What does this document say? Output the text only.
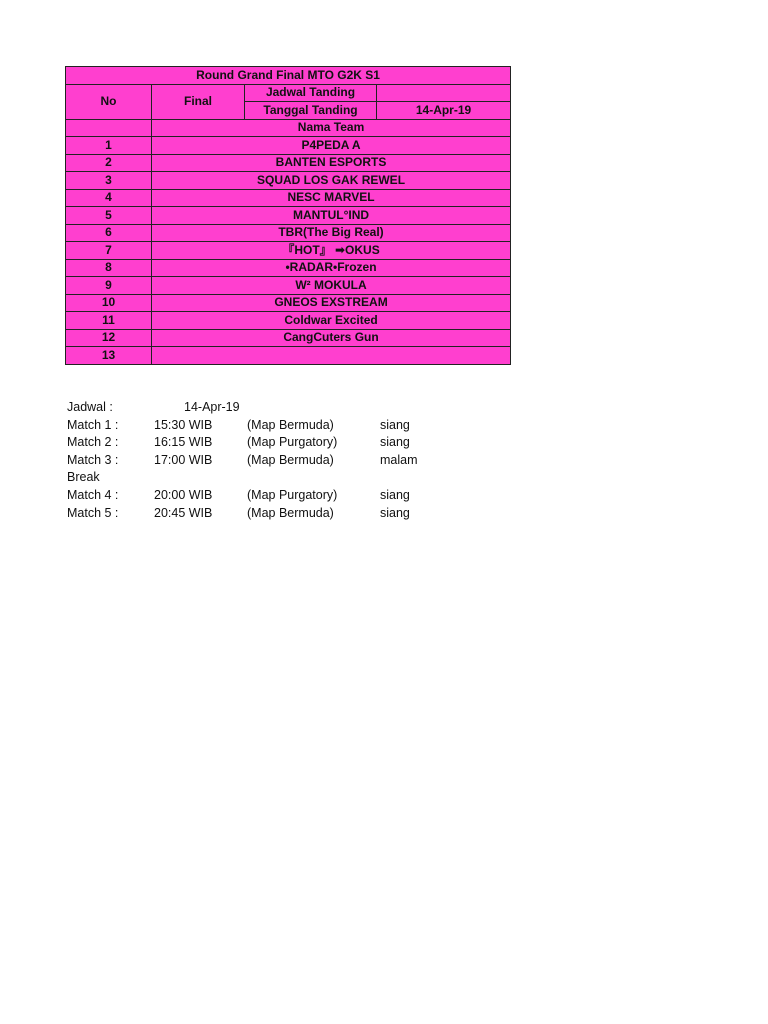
Round Grand Final MTO G2K S1			
No	Final	Jadwal Tanding	
		Tanggal Tanding	14-Apr-19
	Nama Team		
1	P4PEDA A		
2	BANTEN ESPORTS		
3	SQUAD LOS GAK REWEL		
4	NESC MARVEL		
5	MANTUL°IND		
6	TBR(The Big Real)		
7	『HOT』 ➡OKUS		
8	•RADAR•Frozen		
9	W² MOKULA		
10	GNEOS EXSTREAM		
11	Coldwar Excited		
12	CangCuters Gun		
13			
Jadwal :	14-Apr-19
Match 1 :	15:30 WIB	(Map Bermuda)	siang
Match 2 :	16:15 WIB	(Map Purgatory)	siang
Match 3 :	17:00 WIB	(Map Bermuda)	malam
Break
Match 4 :	20:00 WIB	(Map Purgatory)	siang
Match 5 :	20:45 WIB	(Map Bermuda)	siang
